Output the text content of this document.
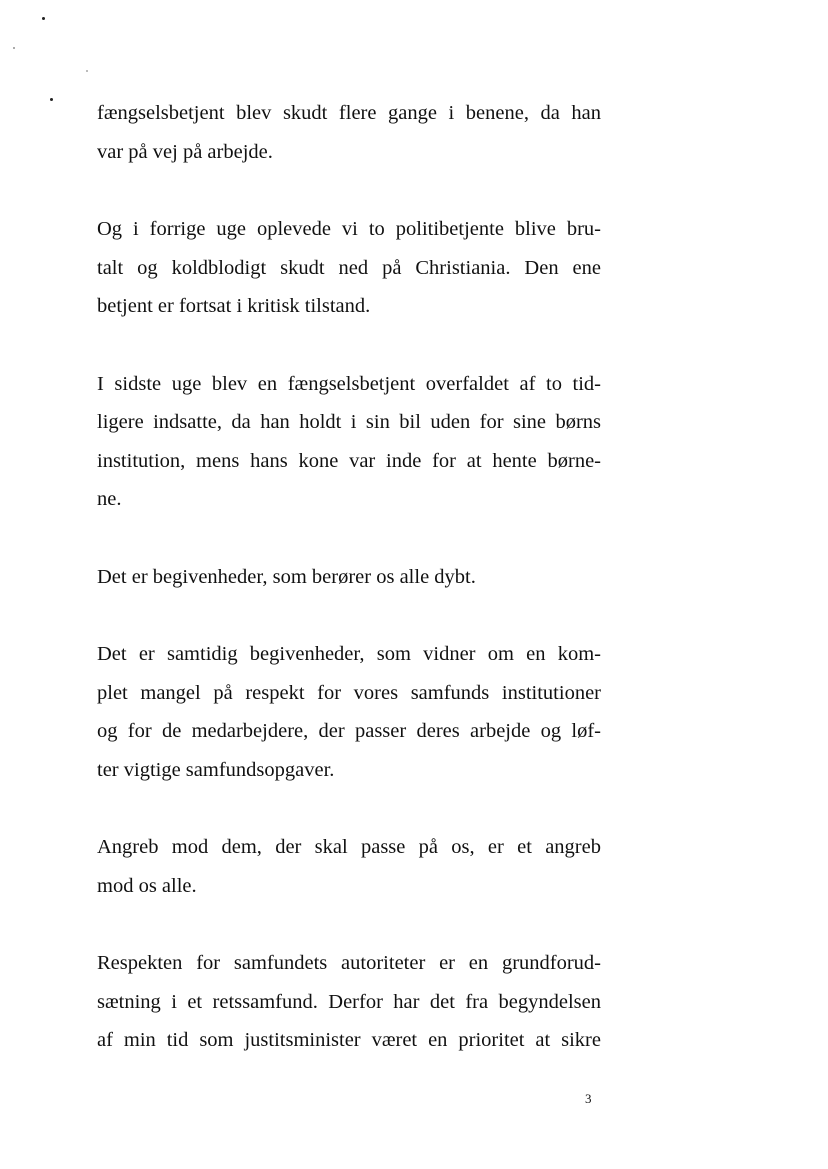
fængselsbetjent blev skudt flere gange i benene, da han
var på vej på arbejde.

Og i forrige uge oplevede vi to politibetjente blive bru-
talt og koldblodigt skudt ned på Christiania. Den ene
betjent er fortsat i kritisk tilstand.

I sidste uge blev en fængselsbetjent overfaldet af to tid-
ligere indsatte, da han holdt i sin bil uden for sine børns
institution, mens hans kone var inde for at hente børne-
ne.

Det er begivenheder, som berører os alle dybt.

Det er samtidig begivenheder, som vidner om en kom-
plet mangel på respekt for vores samfunds institutioner
og for de medarbejdere, der passer deres arbejde og løf-
ter vigtige samfundsopgaver.

Angreb mod dem, der skal passe på os, er et angreb
mod os alle.

Respekten for samfundets autoriteter er en grundforud-
sætning i et retssamfund. Derfor har det fra begyndelsen
af min tid som justitsminister været en prioritet at sikre

3
